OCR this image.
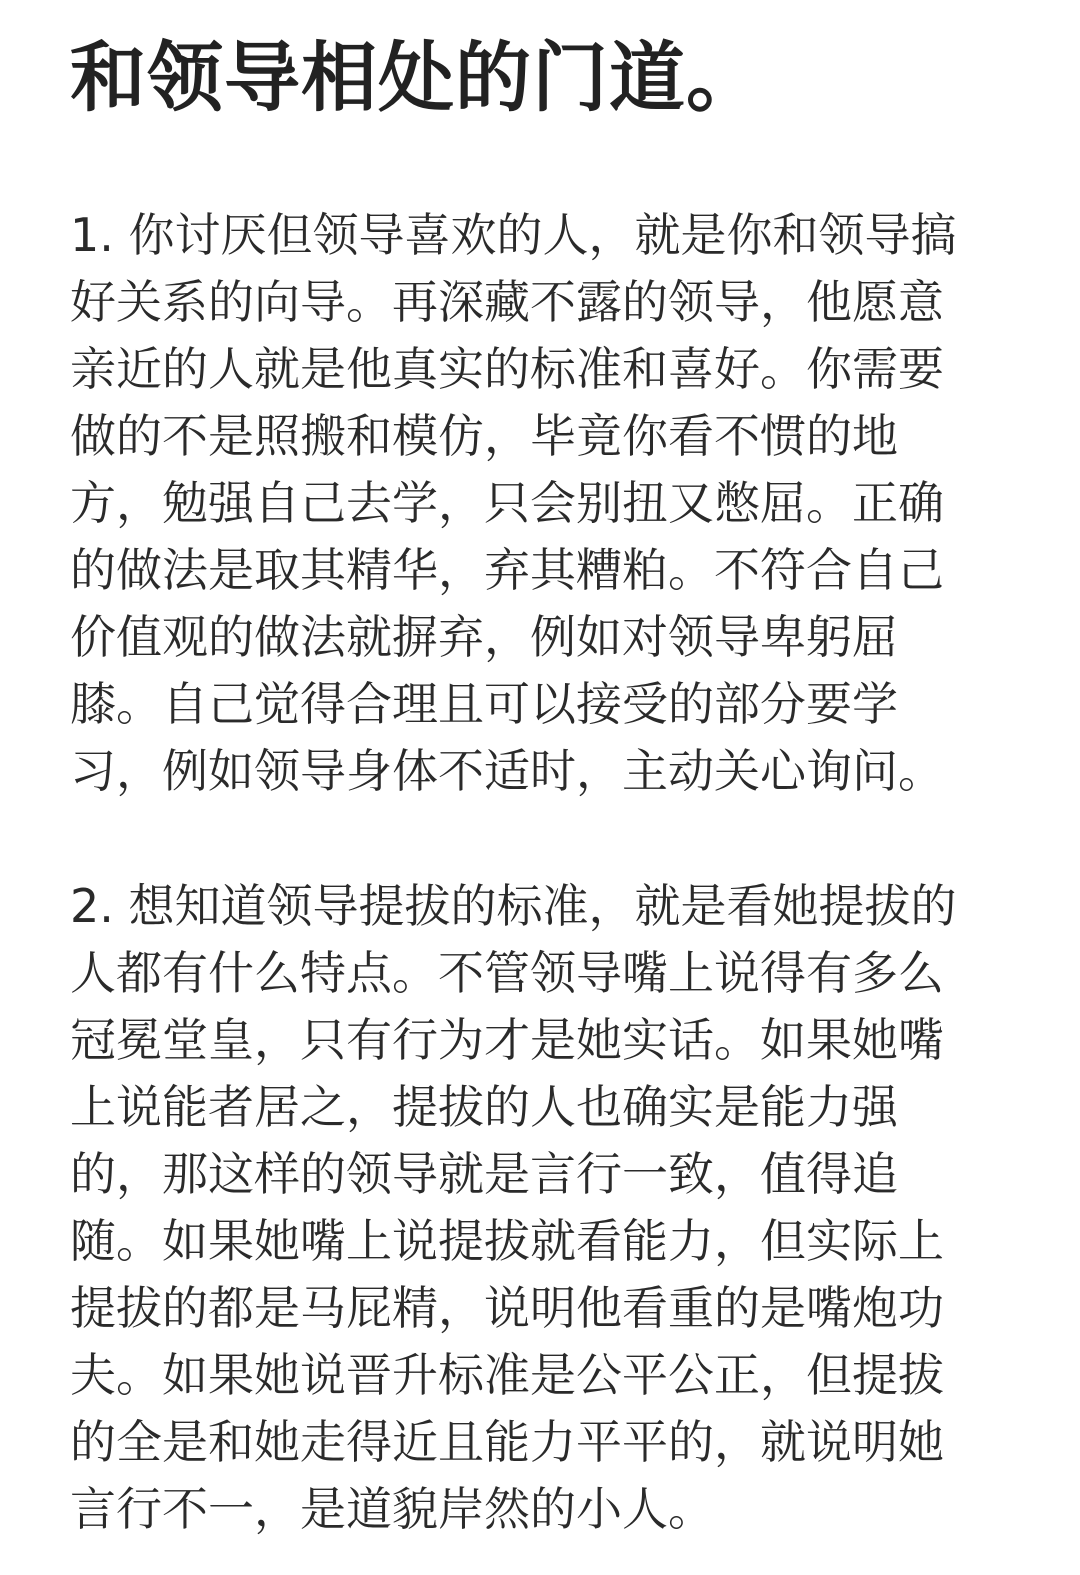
和领导相处的门道。

1. 你讨厌但领导喜欢的人，就是你和领导搞好关系的向导。再深藏不露的领导，他愿意亲近的人就是他真实的标准和喜好。你需要做的不是照搬和模仿，毕竟你看不惯的地方，勉强自己去学，只会别扭又憋屈。正确的做法是取其精华，弃其糟粕。不符合自己价值观的做法就摒弃，例如对领导卑躬屈膝。自己觉得合理且可以接受的部分要学习，例如领导身体不适时，主动关心询问。

2. 想知道领导提拔的标准，就是看她提拔的人都有什么特点。不管领导嘴上说得有多么冠冕堂皇，只有行为才是她实话。如果她嘴上说能者居之，提拔的人也确实是能力强的，那这样的领导就是言行一致，值得追随。如果她嘴上说提拔就看能力，但实际上提拔的都是马屁精，说明他看重的是嘴炮功夫。如果她说晋升标准是公平公正，但提拔的全是和她走得近且能力平平的，就说明她言行不一，是道貌岸然的小人。
